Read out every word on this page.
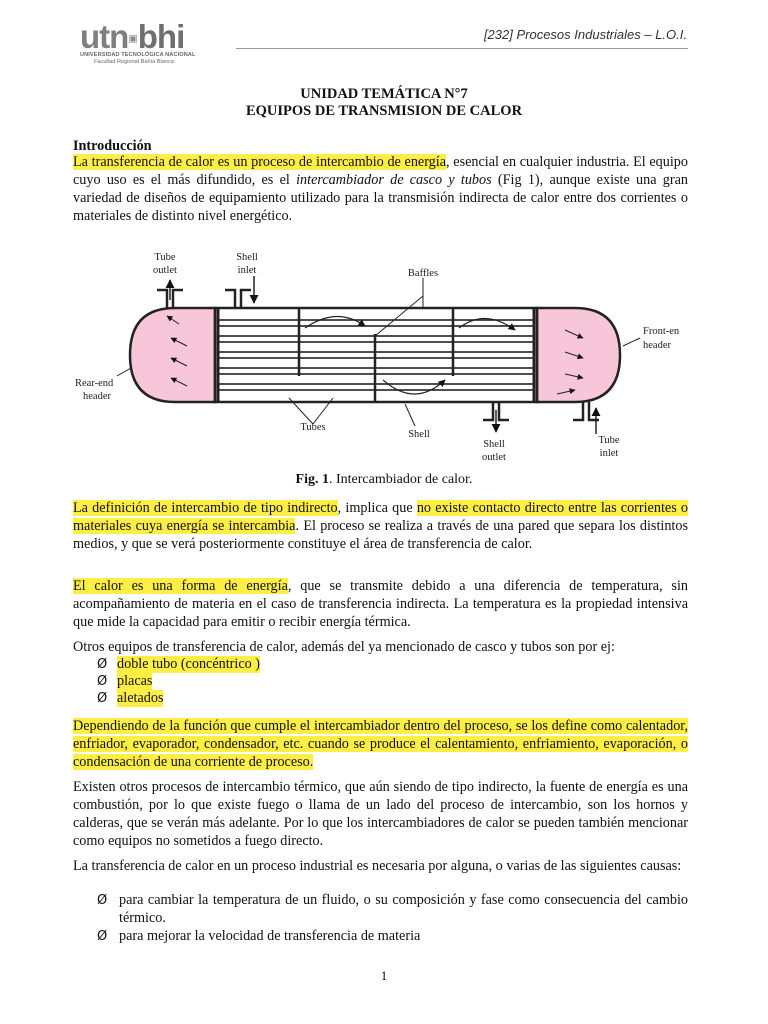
utn▣bhi
UNIVERSIDAD TECNOLÓGICA NACIONAL
Facultad Regional Bahía Blanca
[232] Procesos Industriales – L.O.I.
UNIDAD TEMÁTICA N°7
EQUIPOS DE TRANSMISION DE CALOR
Introducción
La transferencia de calor es un proceso de intercambio de energía, esencial en cualquier industria. El equipo cuyo uso es el más difundido, es el intercambiador de casco y tubos (Fig 1), aunque existe una gran variedad de diseños de equipamiento utilizado para la transmisión indirecta de calor entre dos corrientes o materiales de distinto nivel energético.
Tube
outlet
Shell
inlet	Baffles
Front-en
header
Rear-end
header
Tubes
Shell
Shell
outlet
Tube
inlet
Fig. 1. Intercambiador de calor.
La definición de intercambio de tipo indirecto, implica que no existe contacto directo entre las corrientes o materiales cuya energía se intercambia. El proceso se realiza a través de una pared que separa los distintos medios, y que se verá posteriormente constituye el área de transferencia de calor.
El calor es una forma de energía, que se transmite debido a una diferencia de temperatura, sin acompañamiento de materia en el caso de transferencia indirecta. La temperatura es la propiedad intensiva que mide la capacidad para emitir o recibir energía térmica.
Otros equipos de transferencia de calor, además del ya mencionado de casco y tubos son por ej:
Ø doble tubo (concéntrico )
Ø placas
Ø aletados
Dependiendo de la función que cumple el intercambiador dentro del proceso, se los define como calentador, enfriador, evaporador, condensador, etc. cuando se produce el calentamiento, enfriamiento, evaporación, o condensación de una corriente de proceso.
Existen otros procesos de intercambio térmico, que aún siendo de tipo indirecto, la fuente de energía es una combustión, por lo que existe fuego o llama de un lado del proceso de intercambio, son los hornos y calderas, que se verán más adelante. Por lo que los intercambiadores de calor se pueden también mencionar como equipos no sometidos a fuego directo.
La transferencia de calor en un proceso industrial es necesaria por alguna, o varias de las siguientes causas:
Ø para cambiar la temperatura de un fluido, o su composición y fase como consecuencia del cambio térmico.
Ø para mejorar la velocidad de transferencia de materia
1
